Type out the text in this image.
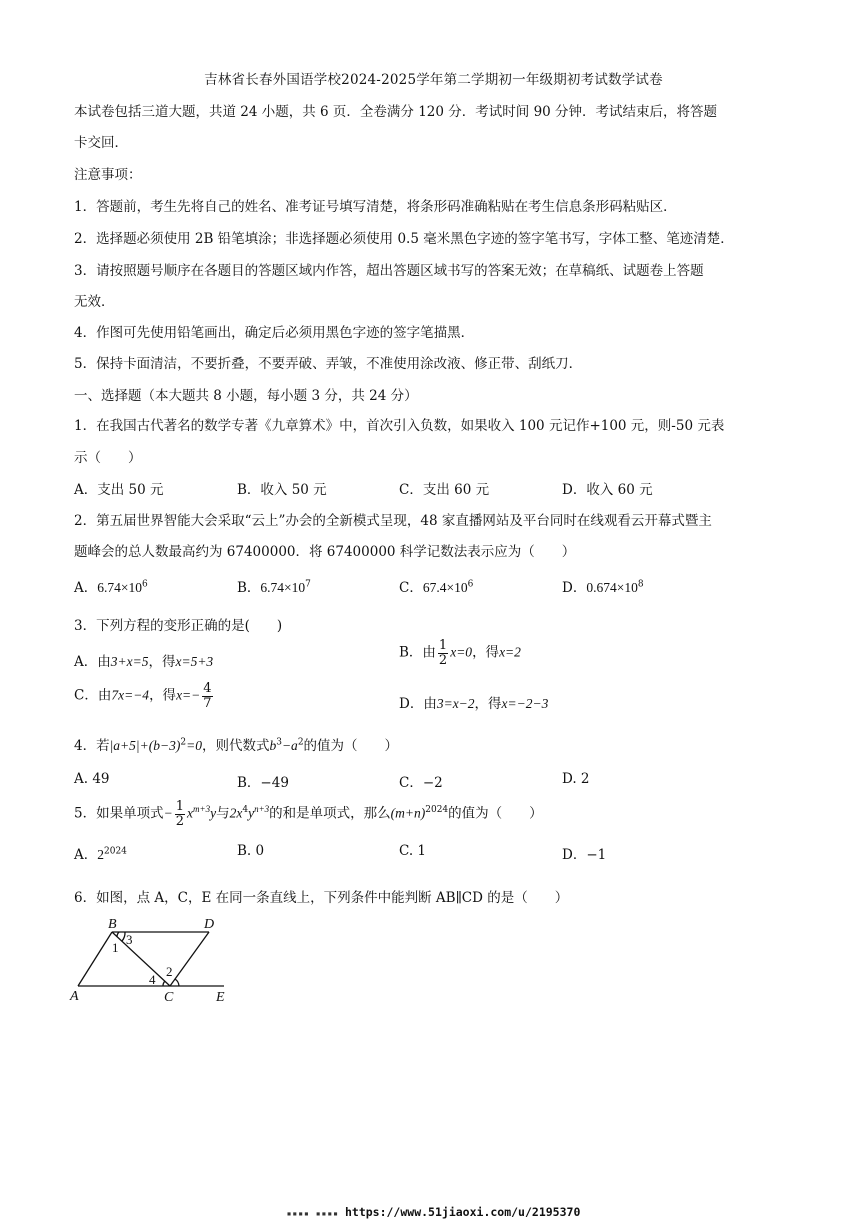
吉林省长春外国语学校2024-2025学年第二学期初一年级期初考试数学试卷
本试卷包括三道大题，共道 24 小题，共 6 页．全卷满分 120 分．考试时间 90 分钟．考试结束后，将答题
卡交回．
注意事项：
1．答题前，考生先将自己的姓名、准考证号填写清楚，将条形码准确粘贴在考生信息条形码粘贴区．
2．选择题必须使用 2B 铅笔填涂；非选择题必须使用 0.5 毫米黑色字迹的签字笔书写，字体工整、笔迹清楚．
3．请按照题号顺序在各题目的答题区域内作答，超出答题区域书写的答案无效；在草稿纸、试题卷上答题
无效．
4．作图可先使用铅笔画出，确定后必须用黑色字迹的签字笔描黑．
5．保持卡面清洁，不要折叠，不要弄破、弄皱，不准使用涂改液、修正带、刮纸刀．
一、选择题（本大题共 8 小题，每小题 3 分，共 24 分）
1．在我国古代著名的数学专著《九章算术》中，首次引入负数，如果收入 100 元记作+100 元，则-50 元表
示（　　）
A．支出 50 元	B．收入 50 元	C．支出 60 元	D．收入 60 元
2．第五届世界智能大会采取“云上”办会的全新模式呈现，48 家直播网站及平台同时在线观看云开幕式暨主
题峰会的总人数最高约为 67400000．将 67400000 科学记数法表示应为（　　）
A．$6.74\times 10^6$	B．$6.74\times 10^7$	C．$67.4\times 10^6$	D．$0.674\times 10^8$
3．下列方程的变形正确的是(　　)
A．由3+x=5，得x=5+3
B．由 $\frac{1}{2} x=0$，得x=2
C．由7x=−4，得$x=- \frac{4}{7}$	D．由3=x−2，得x=−2−3
4．若$|a+5|+(b-3)^2=0$，则代数式$b^3-a^2$的值为（　　）
A. 49	B．−49	C．−2	D. 2
5．如果单项式− $\frac{1}{2} x^{m+3}y$与$2x^4y^{n+3}$的和是单项式，那么$(m+n)^{2024}$的值为（　　）
A．$2^{2024}$	B. 0	C. 1	D．−1
6．如图，点 A，C，E 在同一条直线上，下列条件中能判断 AB∥CD 的是（　　）
B	D
A	C	E
1
3
2
4
▪▪▪▪ ▪▪▪▪ https://www.51jiaoxi.com/u/2195370
